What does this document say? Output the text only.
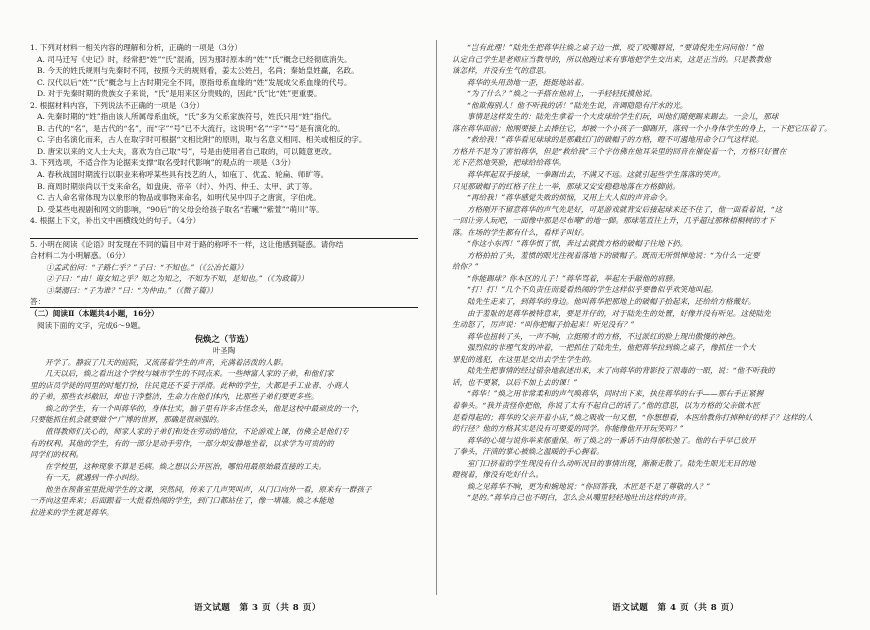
1. 下列对材料一相关内容的理解和分析，正确的一项是（3分）
A. 司马迁写《史记》时，经常把“姓”“氏”混淆，因为那时原本的“姓”“氏”概念已经彻底消失。
B. 今天的姓氏规则与先秦时不同，按照今天的规则看，姜太公姓吕，名尚；秦始皇姓赢，名政。
C. 汉代以后“姓”“氏”概念与上古时期完全不同，原指母系血缘的“姓”发展成父系血缘的代号。
D. 对于先秦时期的贵族女子来说，“氏”是用来区分贵贱的，因此“氏”比“姓”更重要。
2. 根据材料内容，下列说法不正确的一项是（3分）
A. 先秦时期的“姓”指由该人所属母系血统，“氏”多为父系家族符号，姓氏只用“姓”指代。
B. 古代的“名”，是古代的“名”，而“字”“号”已不大流行，这说明“名”“字”“号”是有演化的。
C. 字由名演化而来，古人在取字时可根据“文相比附”的原则，取与名意义相同、相关或相反的字。
D. 唐宋以来的文人士大夫，喜欢为自己取“号”，号是由使用者自己取的，可以随意更改。
3. 下列选项，不适合作为论据来支撑“取名受时代影响”的观点的一项是（3分）
A. 春秋战国时期流行以职业来称呼某些具有技艺的人，如庖丁、优孟、轮扁、师旷等。
B. 商周时期崇尚以干支来命名，如盘庚、帝辛（纣）、外丙、仲壬、太甲、武丁等。
C. 古人命名常体现为以象形的物品或事物来命名，如明代吴中四子之唐寅，字伯虎。
D. 受某些电视剧和网文的影响，“90后”的父母会给孩子取名“若曦”“紫萱”“萌川”等。
4. 根据上下文，补出文中画横线处的句子。（4分）
5. 小明在阅读《论语》时发现在不同的篇目中对于路的称呼不一样，这让他感到疑惑。请你结
合材料二为小明解惑。（6分）
①孟武伯问：“子路仁乎？”子曰：“不知也。”（《公冶长篇》）
②子曰：“由！诲女知之乎？知之为知之，不知为不知，是知也。”（《为政篇》）
③桀溺曰：“子为谁？”曰：“为仲由。”（《微子篇》）
答：
（二）阅读Ⅱ（本题共4小题，16分）
阅读下面的文字，完成6～9题。
倪焕之（节选）
叶圣陶
开学了。静寂了几天的庭院，又流荡着学生的声音，充满着活泼的人影。
几天以后，焕之看出这个学校与城市学生的不同点来。一些绅富人家的子弟，和他们家
里的店员学徒的同里的时髦打扮，往民竟还不妥于浮滑。此种的学生，大都是手工业者、小商人
的子弟，那些衣衫敝旧，却也干净整洁，生命力在他们体内，比那些子弟们要更多些。
焕之的学生，有一个叫蒋华的，身体壮实，脑子里有许多古怪念头，他是这校中最顽皮的一个，
只要能抓住机会就要做个“广博的世界，那确是很顽强的。
值得教师们关心的，师家人家的子弟们和处在劳动的地位，不论游戏上课，仿佛全是他们专
有的权利。其他的学生，有的一部分是动手劳作，一部分却安静地坐着，以求学为可贵的的
同学们的权利。
在学校里，这种现象不算是毛病。焕之想以公开医治，哪怕用最原始最直接的工夫。
有一天，就遇到一件小纠纷。
他坐在预备室里批阅学生的文课，突然间，传来了几声哭叫声，从门口向外一看，原来有一群孩子
一齐向这里奔来；后面跟着一大批看热闹的学生，到门口都站住了，像一堵墙。焕之本能地
拉进来的学生就是蒋华。
“岂有此理！”陆先生把蒋华往焕之桌子边一推，咬了咬嘴唇说，“要请倪先生问问他！”他
认定自己学生是老师应当教导的，所以他跑过来有事地把学生交出来，这是正当的。只是教教他
该怎样，并没有生气的意思。
蒋华的头用劲地一歪，挺挺地站着。
“为了什么？”焕之一手搭在他肩上，一手轻轻抚摸他说。
“他欺侮别人！他不听我的话！”陆先生说，音调隐隐有汗水的光。
事情是这样发生的：陆先生拿着一个大皮球给学生们玩，叫他们随便踢来踢去。一会儿，那球
落在蒋华面前；他刚要接上去捧住它，却被一个小孩子一脚踢开，落到一个小身体学生的身上，一下把它压着了。
“救给我！”蒋华看见球球的是那截红门的破帽子的方格，瞪不可遏地用命令口气这样说。
方格并不是为了害怕蒋华，但是“救给我”三个字仿佛在他耳朵里的回音在催促着一个，方格只好置在
光下茫然地笑脸，把球给给蒋华。
蒋华挥起双手接球，一拳踢出去，不满又不远。这就引起些学生落落的笑声。
只见那破帽子的红格子往上一举，那球又安安稳稳地落在方格脚前。
“再给我！”蒋华感觉失败的烦恼，又用上大人似的声音命令。
方格刚开不留意蒋华的声气先是好，可是游戏就背安后接起球来还不住了，他一面看着说，“这
一回让旁人玩吧，一面像中那是尽布嘲”的地一脚。那球笔直往上升，几乎超过那株梧桐树的才下
落。在场的学生都有什么，看样子叫好。
“你这小东西！”蒋华恨了恨，奔过去就拨方格的破帽子往地下扔。
方格拍拍了头，羞愤的眼光注视着落地下的破帽子。既而无所惧惮地说：“为什么一定要
给你？”
“你能踢球？你本区的儿子！”蒋华骂着，举起左手敲他的肩膀。
“打！打！”几个不负责任而爱看热闹的学生这样似乎要鲁似乎欢笑地叫起。
陆先生走来了，到蒋华的身边。他叫蒋华把那地上的破帽子拾起来，还给给方格戴好。
由于羞耻的是蒋华被特意来，要是并仔的，对于陆先生的处置，好像并没有听见。这使陆先
生动怒了，厉声说：“叫你把帽子拾起来！听见没有？”
蒋华也扭转了头，一声不响，立挺刚才的方格，不过派红的脸上现出傲慢的神色。
强烈似的非理气发的冲着，一把抓住了陆先生，他把蒋华拉到焕之桌子，像抓住一个大
罪犯的逃犯，在这里是交出去学生学生的。
陆先生把事情的经过错杂地叙述出来，末了向蒋华的背影投了很毒的一眼，说：“他不听我的
话，也不要紧，以后不加上去的课！”
“蒋华！”焕之用非常柔和的声气唤蒋华，同时出下来，执住蒋华的右手——那右手正紧握
着拳头。“我并责怪你把他，你说了太有不起自己的话了。”他的意思，以为方格的父亲做木匠
是看得起的；蒋华的父亲开着小店，”焕之吸收一句又想，“你想想看，本医给教你打掉种好的样子？这样的人
的行径？他的方格其实是没有可要爱的同学。你能像他开开玩笑吗？”
蒋华的心境与说你举来郁重保。听了焕之的一番话不由得郁松弛了。他的右手早已放开
了拳头，汗渍的掌心被焕之温暖的手心握着。
室门口挤着的学生现没有什么动听况目的事情出现，渐渐走散了。陆先生眼光无目的地
瞪视着，像没有吃好什么。
焕之见蒋华不响，更为和婉地说：“你回答我，木匠是不是了尊敬的人？”
“是的。”蒋华自己也不明白，怎么会从嘴里轻轻地吐出这样的声音。
语文试题　第 3 页（共 8 页）	语文试题　第 4 页（共 8 页）
